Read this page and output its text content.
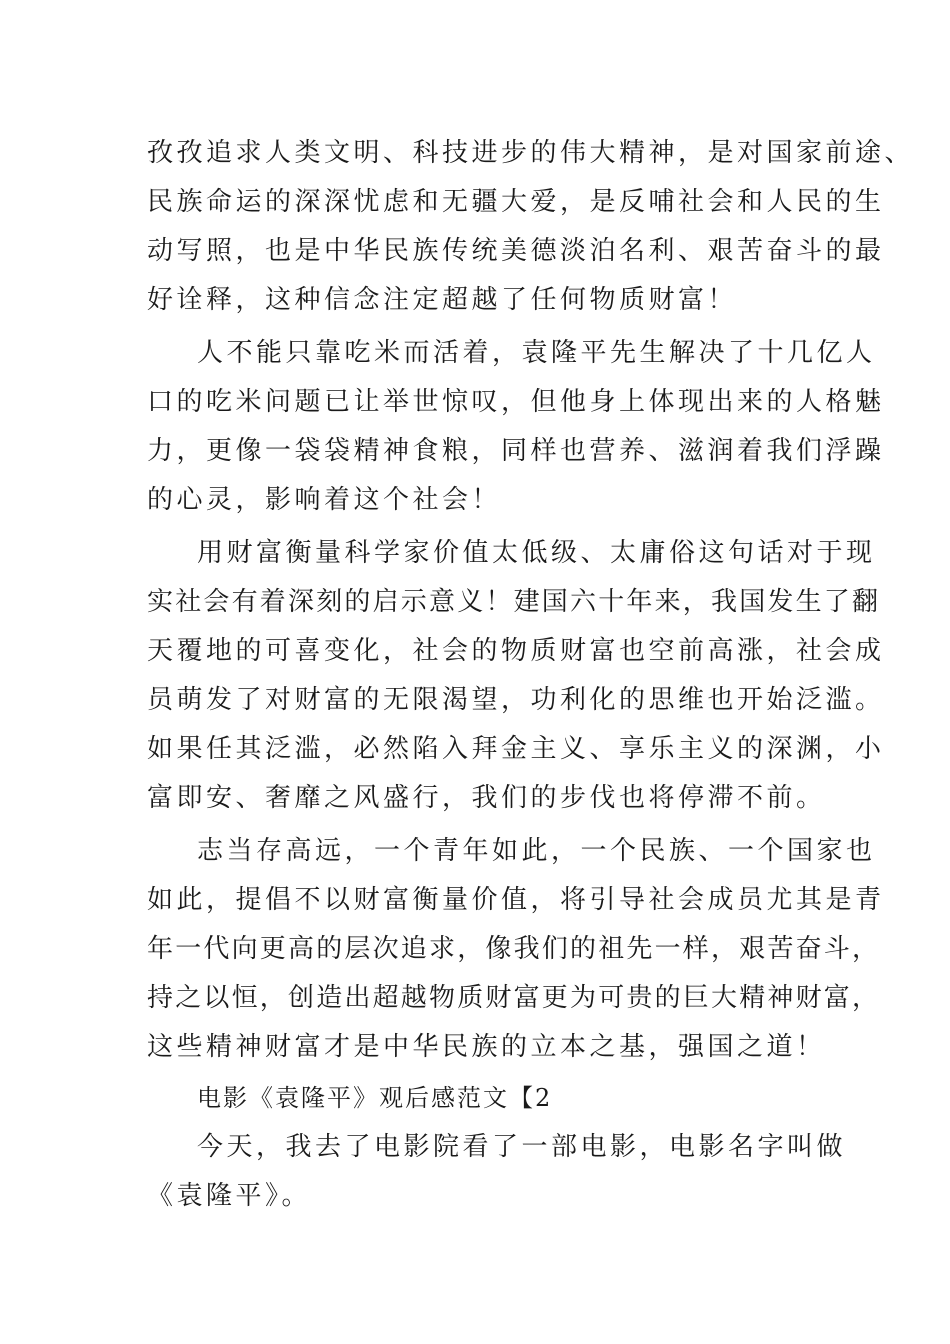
孜孜追求人类文明、科技进步的伟大精神，是对国家前途、
民族命运的深深忧虑和无疆大爱，是反哺社会和人民的生
动写照，也是中华民族传统美德淡泊名利、艰苦奋斗的最
好诠释，这种信念注定超越了任何物质财富！
人不能只靠吃米而活着，袁隆平先生解决了十几亿人
口的吃米问题已让举世惊叹，但他身上体现出来的人格魅
力，更像一袋袋精神食粮，同样也营养、滋润着我们浮躁
的心灵，影响着这个社会！
用财富衡量科学家价值太低级、太庸俗这句话对于现
实社会有着深刻的启示意义！建国六十年来，我国发生了翻
天覆地的可喜变化，社会的物质财富也空前高涨，社会成
员萌发了对财富的无限渴望，功利化的思维也开始泛滥。
如果任其泛滥，必然陷入拜金主义、享乐主义的深渊，小
富即安、奢靡之风盛行，我们的步伐也将停滞不前。
志当存高远，一个青年如此，一个民族、一个国家也
如此，提倡不以财富衡量价值，将引导社会成员尤其是青
年一代向更高的层次追求，像我们的祖先一样，艰苦奋斗，
持之以恒，创造出超越物质财富更为可贵的巨大精神财富，
这些精神财富才是中华民族的立本之基，强国之道！
电影《袁隆平》观后感范文【2
今天，我去了电影院看了一部电影，电影名字叫做
《袁隆平》。
